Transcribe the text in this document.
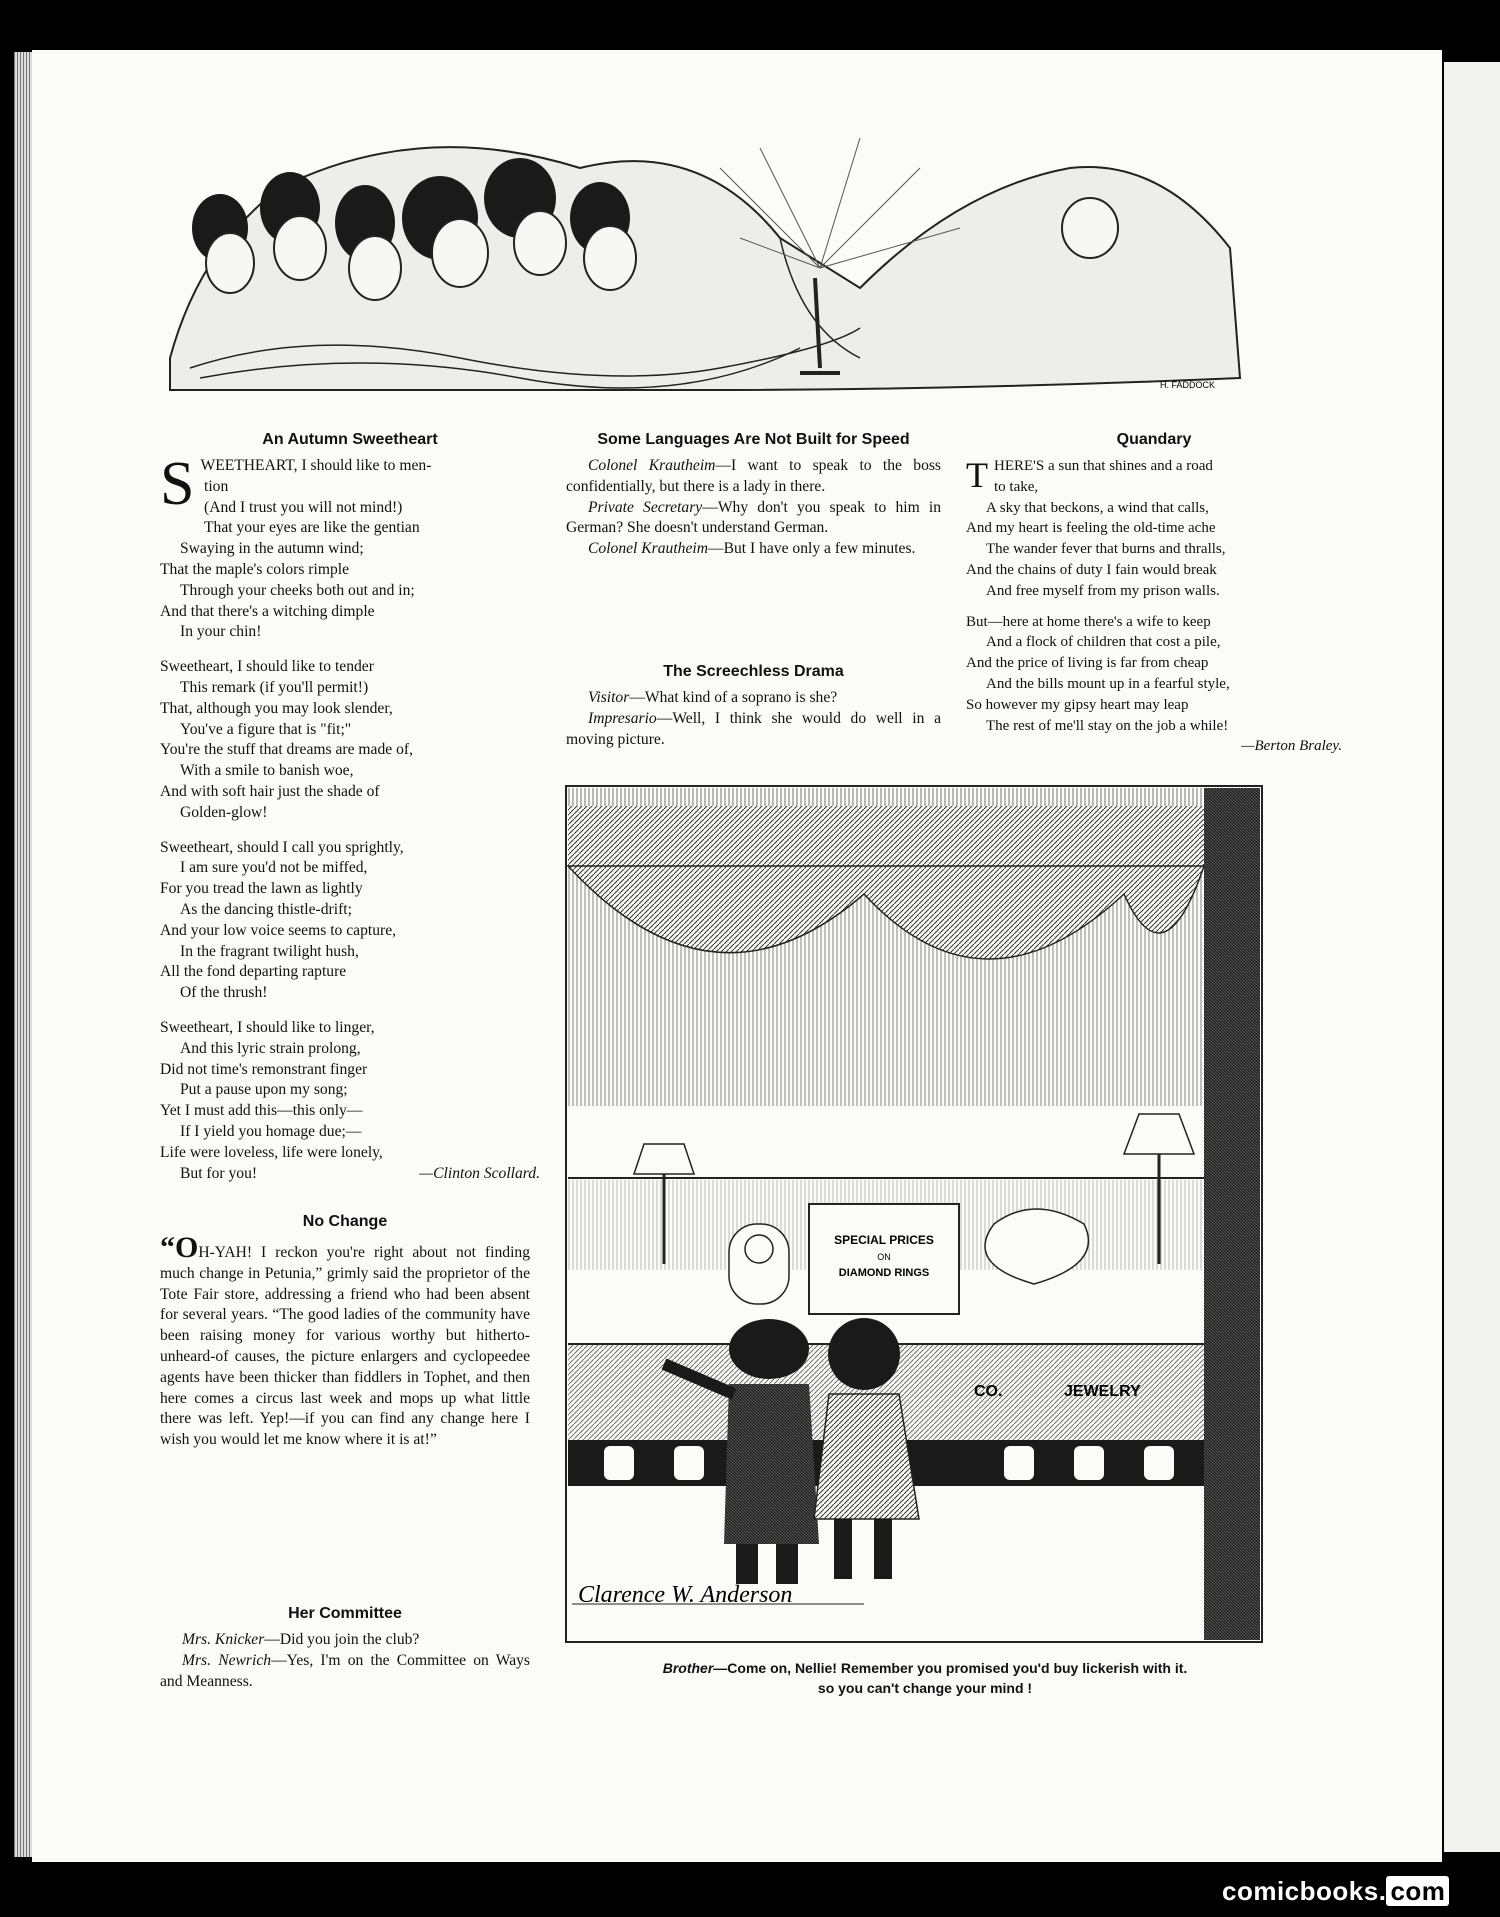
H. FADDOCK
An Autumn Sweetheart
S WEETHEART, I should like to men-

tion

(And I trust you will not mind!)

That your eyes are like the gentian

Swaying in the autumn wind;

That the maple's colors rimple

Through your cheeks both out and in;

And that there's a witching dimple

In your chin!

Sweetheart, I should like to tender

This remark (if you'll permit!)

That, although you may look slender,

You've a figure that is "fit;"

You're the stuff that dreams are made of,

With a smile to banish woe,

And with soft hair just the shade of

Golden-glow!

Sweetheart, should I call you sprightly,

I am sure you'd not be miffed,

For you tread the lawn as lightly

As the dancing thistle-drift;

And your low voice seems to capture,

In the fragrant twilight hush,

All the fond departing rapture

Of the thrush!

Sweetheart, I should like to linger,

And this lyric strain prolong,

Did not time's remonstrant finger

Put a pause upon my song;

Yet I must add this—this only—

If I yield you homage due;—

Life were loveless, life were lonely,

But for you!	—Clinton Scollard.

No Change

“OH-YAH! I reckon you're right about not finding much change in Petunia,” grimly said the proprietor of the Tote Fair store, addressing a friend who had been absent for several years. “The good ladies of the community have been raising money for various worthy but hitherto-unheard-of causes, the picture enlargers and cyclopeedee agents have been thicker than fiddlers in Tophet, and then here comes a circus last week and mops up what little there was left. Yep!—if you can find any change here I wish you would let me know where it is at!”

Her Committee

Mrs. Knicker—Did you join the club?

Mrs. Newrich—Yes, I'm on the Committee on Ways and Meanness.

Some Languages Are Not Built for Speed

Colonel Krautheim—I want to speak to the boss confidentially, but there is a lady in there.

Private Secretary—Why don't you speak to him in German? She doesn't understand German.

Colonel Krautheim—But I have only a few minutes.

The Screechless Drama

Visitor—What kind of a soprano is she?

Impresario—Well, I think she would do well in a moving picture.

Quandary
T HERE'S a sun that shines and a road

to take,

A sky that beckons, a wind that calls,

And my heart is feeling the old-time ache

The wander fever that burns and thralls,

And the chains of duty I fain would break

And free myself from my prison walls.

But—here at home there's a wife to keep

And a flock of children that cost a pile,

And the price of living is far from cheap

And the bills mount up in a fearful style,

So however my gipsy heart may leap

The rest of me'll stay on the job a while!

—Berton Braley.
SPECIAL PRICES
ON
DIAMOND RINGS
CO.	JEWELRY
Clarence W. Anderson
Brother—Come on, Nellie! Remember you promised you'd buy lickerish with it.
so you can't change your mind !
comicbooks. com
